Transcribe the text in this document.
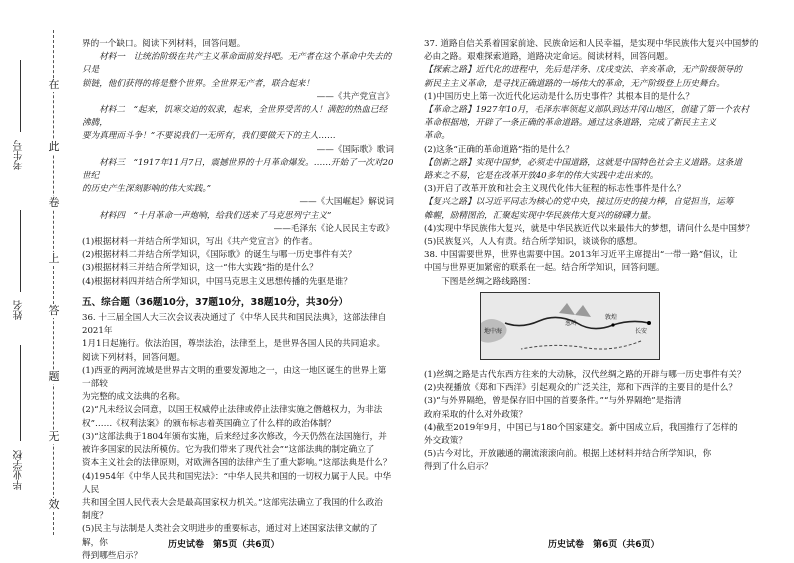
在
此
卷
上
答
题
无
效
考生号
姓名
毕业学校

界的一个缺口。阅读下列材料，回答问题。

材料一　让统治阶级在共产主义革命面前发抖吧。无产者在这个革命中失去的只是

锁链，他们获得的将是整个世界。全世界无产者，联合起来！

——《共产党宣言》

材料二　“起来，饥寒交迫的奴隶，起来，全世界受苦的人！满腔的热血已经沸腾，

要为真理而斗争！”不要说我们一无所有，我们要做天下的主人……

——《国际歌》歌词

材料三　“1917年11月7日，震撼世界的十月革命爆发。……开始了一次对20世纪

的历史产生深刻影响的伟大实践。”

——《大国崛起》解说词

材料四　“十月革命一声炮响，给我们送来了马克思列宁主义”

——毛泽东《论人民民主专政》

(1)根据材料一并结合所学知识，写出《共产党宣言》的作者。

(2)根据材料二并结合所学知识，《国际歌》的诞生与哪一历史事件有关？

(3)根据材料三并结合所学知识，这一“伟大实践”指的是什么？

(4)根据材料四并结合所学知识，中国马克思主义思想传播的先驱是谁？

五、综合题（36题10分，37题10分，38题10分，共30分）

36. 十三届全国人大三次会议表决通过了《中华人民共和国民法典》，这部法律自2021年

1月1日起施行。依法治国，尊崇法治，法律至上，是世界各国人民的共同追求。

阅读下列材料，回答问题。

(1)西亚的两河流域是世界古文明的重要发源地之一，由这一地区诞生的世界上第一部较

为完整的成文法典的名称。

(2)“凡未经议会同意，以国王权威停止法律或停止法律实施之僭越权力，为非法

权”……《权利法案》的颁布标志着英国确立了什么样的政治体制？

(3)“这部法典于1804年颁布实施，后来经过多次修改，今天仍然在法国施行，并

被许多国家的民法所模仿。它为我们带来了现代社会”“这部法典的制定确立了

资本主义社会的法律原则，对欧洲各国的法律产生了重大影响。”这部法典是什么？

(4)1954年《中华人民共和国宪法》：“中华人民共和国的一切权力属于人民。中华人民

共和国全国人民代表大会是最高国家权力机关。”这部宪法确立了我国的什么政治

制度？

(5)民主与法制是人类社会文明进步的重要标志，通过对上述国家法律文献的了解，你

得到哪些启示？

历史试卷　第5页（共6页）

37. 道路自信关系着国家前途、民族命运和人民幸福，是实现中华民族伟大复兴中国梦的

必由之路。艰难探索道路，道路决定命运。阅读材料，回答问题。

【探索之路】近代化的进程中，先后是洋务、戊戌变法、辛亥革命，无产阶级领导的

新民主主义革命，是寻找正确道路的一场伟大的革命，无产阶级登上历史舞台。

(1)中国历史上第一次近代化运动是什么历史事件？其根本目的是什么？

【革命之路】1927年10月，毛泽东率领起义部队到达井冈山地区，创建了第一个农村

革命根据地，开辟了一条正确的革命道路。通过这条道路，完成了新民主主义

革命。

(2)这条“正确的革命道路”指的是什么？

【创新之路】实现中国梦，必须走中国道路，这就是中国特色社会主义道路。这条道

路来之不易，它是在改革开放40多年的伟大实践中走出来的。

(3)开启了改革开放和社会主义现代化伟大征程的标志性事件是什么？

【复兴之路】以习近平同志为核心的党中央，接过历史的接力棒，自觉担当，运筹

帷幄，励精图治，汇聚起实现中华民族伟大复兴的磅礴力量。

(4)实现中华民族伟大复兴，就是中华民族近代以来最伟大的梦想，请问什么是中国梦？

(5)民族复兴，人人有责。结合所学知识，谈谈你的感想。

38. 中国需要世界，世界也需要中国。2013年习近平主席提出“一带一路”倡议，让

中国与世界更加紧密的联系在一起。结合所学知识，回答问题。

下图是丝绸之路线路图：

地中海
敦煌
长安
葱岭

(1)丝绸之路是古代东西方往来的大动脉，汉代丝绸之路的开辟与哪一历史事件有关？

(2)央视播放《郑和下西洋》引起观众的广泛关注，郑和下西洋的主要目的是什么？

(3)“与外界隔绝，曾是保存旧中国的首要条件。”“与外界隔绝”是指清

政府采取的什么对外政策？

(4)截至2019年9月，中国已与180个国家建交。新中国成立后，我国推行了怎样的

外交政策？

(5)古今对比，开放融通的潮流滚滚向前。根据上述材料并结合所学知识，你

得到了什么启示？

历史试卷　第6页（共6页）
